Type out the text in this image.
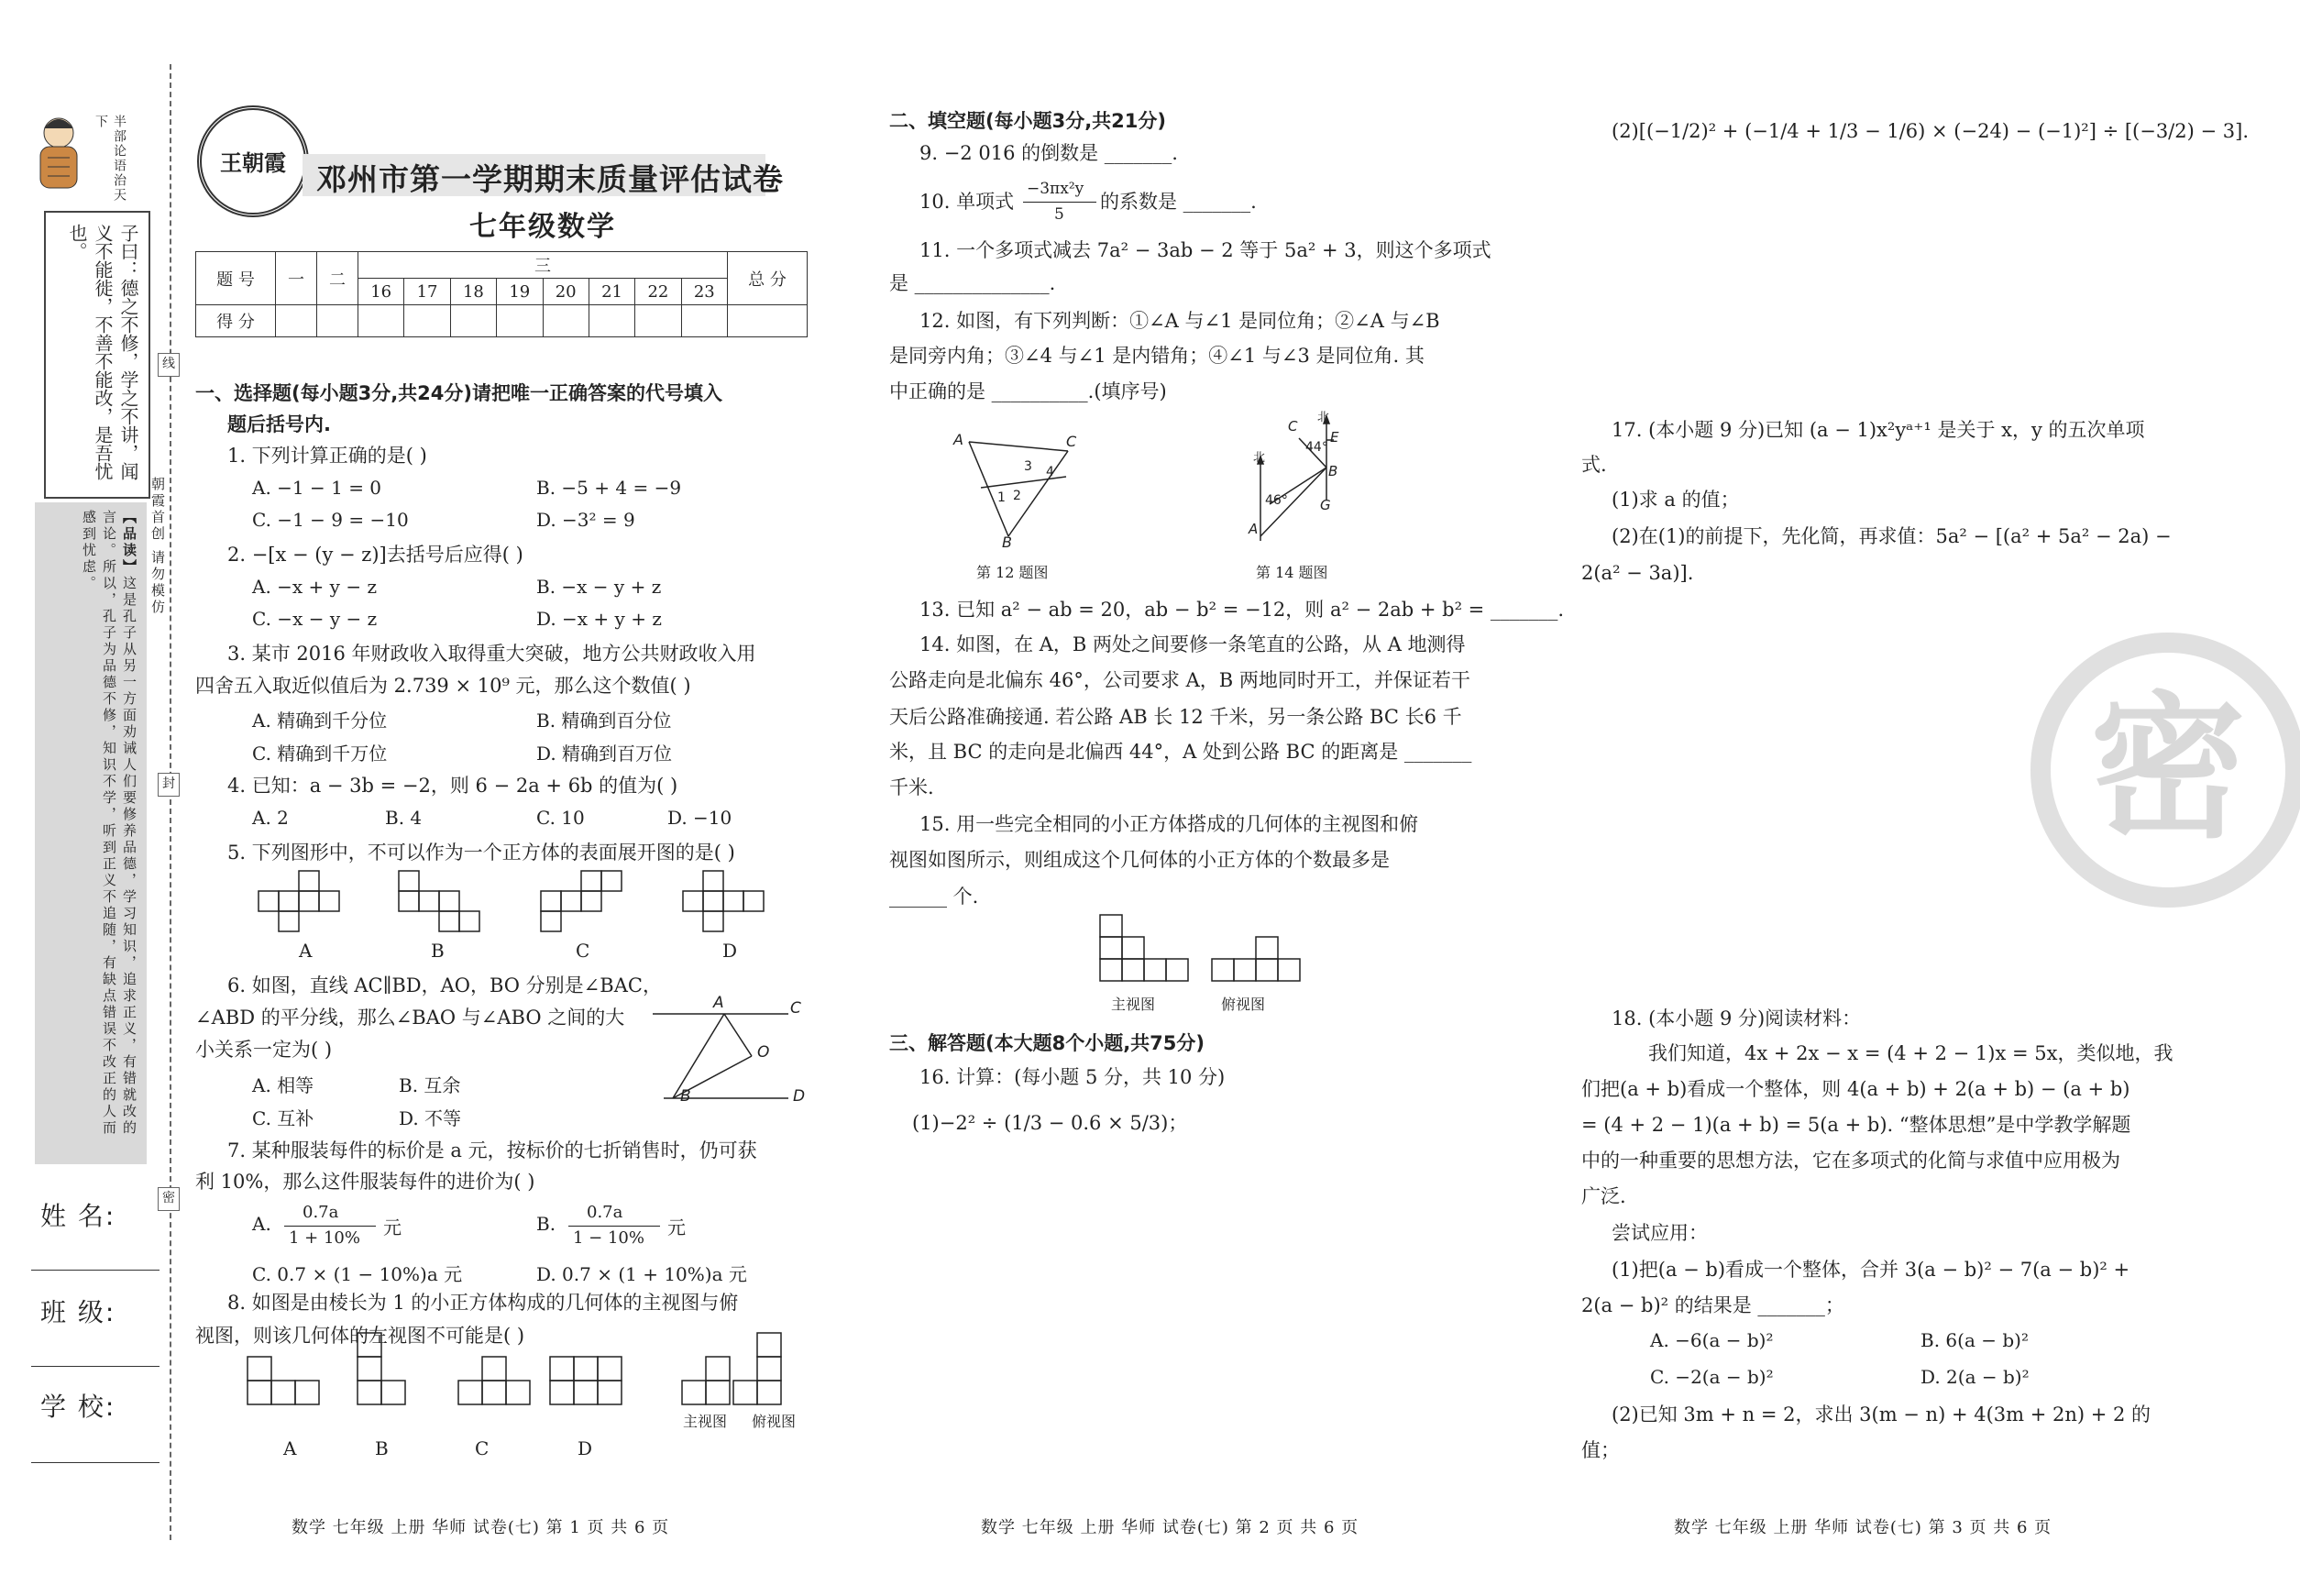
半部论语治天下
子曰：德之不修，学之不讲，闻义不能徙，不善不能改，是吾忧也。
【品读】这是孔子从另一方面劝诫人们要修养品德，学习知识，追求正义，有错就改的言论。所以，孔子为品德不修，知识不学，听到正义不追随，有缺点错误不改正的人而感到忧虑。
姓 名:
班 级:
学 校:
线
封
密
朝霞首创 请勿模仿
王朝霞	邓州市第一学期期末质量评估试卷
七年级数学
题 号	一	二	三								总 分
			16	17	18	19	20	21	22	23	
得 分											
一、选择题(每小题3分,共24分)请把唯一正确答案的代号填入
题后括号内.
1. 下列计算正确的是( )
A. −1 − 1 = 0	B. −5 + 4 = −9
C. −1 − 9 = −10	D. −3² = 9
2. −[x − (y − z)]去括号后应得( )
A. −x + y − z	B. −x − y + z
C. −x − y − z	D. −x + y + z
3. 某市 2016 年财政收入取得重大突破，地方公共财政收入用
四舍五入取近似值后为 2.739 × 10⁹ 元，那么这个数值( )
A. 精确到千分位	B. 精确到百分位
C. 精确到千万位	D. 精确到百万位
4. 已知：a − 3b = −2，则 6 − 2a + 6b 的值为( )
A. 2	B. 4	C. 10	D. −10
5. 下列图形中，不可以作为一个正方体的表面展开图的是( )
A	B	C	D
6. 如图，直线 AC∥BD，AO，BO 分别是∠BAC，
∠ABD 的平分线，那么∠BAO 与∠ABO 之间的大
小关系一定为( )
A. 相等	B. 互余
C. 互补	D. 不等
A	C
O
B	D
7. 某种服装每件的标价是 a 元，按标价的七折销售时，仍可获
利 10%，那么这件服装每件的进价为( )
A.
0.7a
1 + 10% 元	B.
0.7a
1 − 10% 元
C. 0.7 × (1 − 10%)a 元	D. 0.7 × (1 + 10%)a 元
8. 如图是由棱长为 1 的小正方体构成的几何体的主视图与俯
视图，则该几何体的左视图不可能是( )
A	B	C	D
主视图 俯视图
数学 七年级 上册 华师 试卷(七) 第 1 页 共 6 页
二、填空题(每小题3分,共21分)
9. −2 016 的倒数是 _______.
10. 单项式
−3πx²y
5
的系数是 _______.
11. 一个多项式减去 7a² − 3ab − 2 等于 5a² + 3，则这个多项式
是 ______________.
12. 如图，有下列判断：①∠A 与∠1 是同位角；②∠A 与∠B
是同旁内角；③∠4 与∠1 是内错角；④∠1 与∠3 是同位角. 其
中正确的是 __________.(填序号)
A	C
3 4
1 2
B
第 12 题图
北
北
C
E
44°
B
G
46°
A
第 14 题图
13. 已知 a² − ab = 20，ab − b² = −12，则 a² − 2ab + b² = _______.
14. 如图，在 A，B 两处之间要修一条笔直的公路，从 A 地测得
公路走向是北偏东 46°，公司要求 A，B 两地同时开工，并保证若干
天后公路准确接通. 若公路 AB 长 12 千米，另一条公路 BC 长6 千
米，且 BC 的走向是北偏西 44°，A 处到公路 BC 的距离是 _______
千米.
15. 用一些完全相同的小正方体搭成的几何体的主视图和俯
视图如图所示，则组成这个几何体的小正方体的个数最多是
______ 个.
主视图	俯视图
三、解答题(本大题8个小题,共75分)
16. 计算：(每小题 5 分，共 10 分)
(1)−2² ÷ (1/3 − 0.6 × 5/3)；
数学 七年级 上册 华师 试卷(七) 第 2 页 共 6 页
(2)[(−1/2)² + (−1/4 + 1/3 − 1/6) × (−24) − (−1)²] ÷ [(−3/2) − 3].
17. (本小题 9 分)已知 (a − 1)x²yᵃ⁺¹ 是关于 x，y 的五次单项
式.
(1)求 a 的值；
(2)在(1)的前提下，先化简，再求值：5a² − [(a² + 5a² − 2a) −
2(a² − 3a)].
密
18. (本小题 9 分)阅读材料：
我们知道，4x + 2x − x = (4 + 2 − 1)x = 5x，类似地，我
们把(a + b)看成一个整体，则 4(a + b) + 2(a + b) − (a + b)
= (4 + 2 − 1)(a + b) = 5(a + b). “整体思想”是中学教学解题
中的一种重要的思想方法，它在多项式的化简与求值中应用极为
广泛.
尝试应用：
(1)把(a − b)看成一个整体，合并 3(a − b)² − 7(a − b)² +
2(a − b)² 的结果是 _______；
A. −6(a − b)²	B. 6(a − b)²
C. −2(a − b)²	D. 2(a − b)²
(2)已知 3m + n = 2，求出 3(m − n) + 4(3m + 2n) + 2 的
值；
数学 七年级 上册 华师 试卷(七) 第 3 页 共 6 页
